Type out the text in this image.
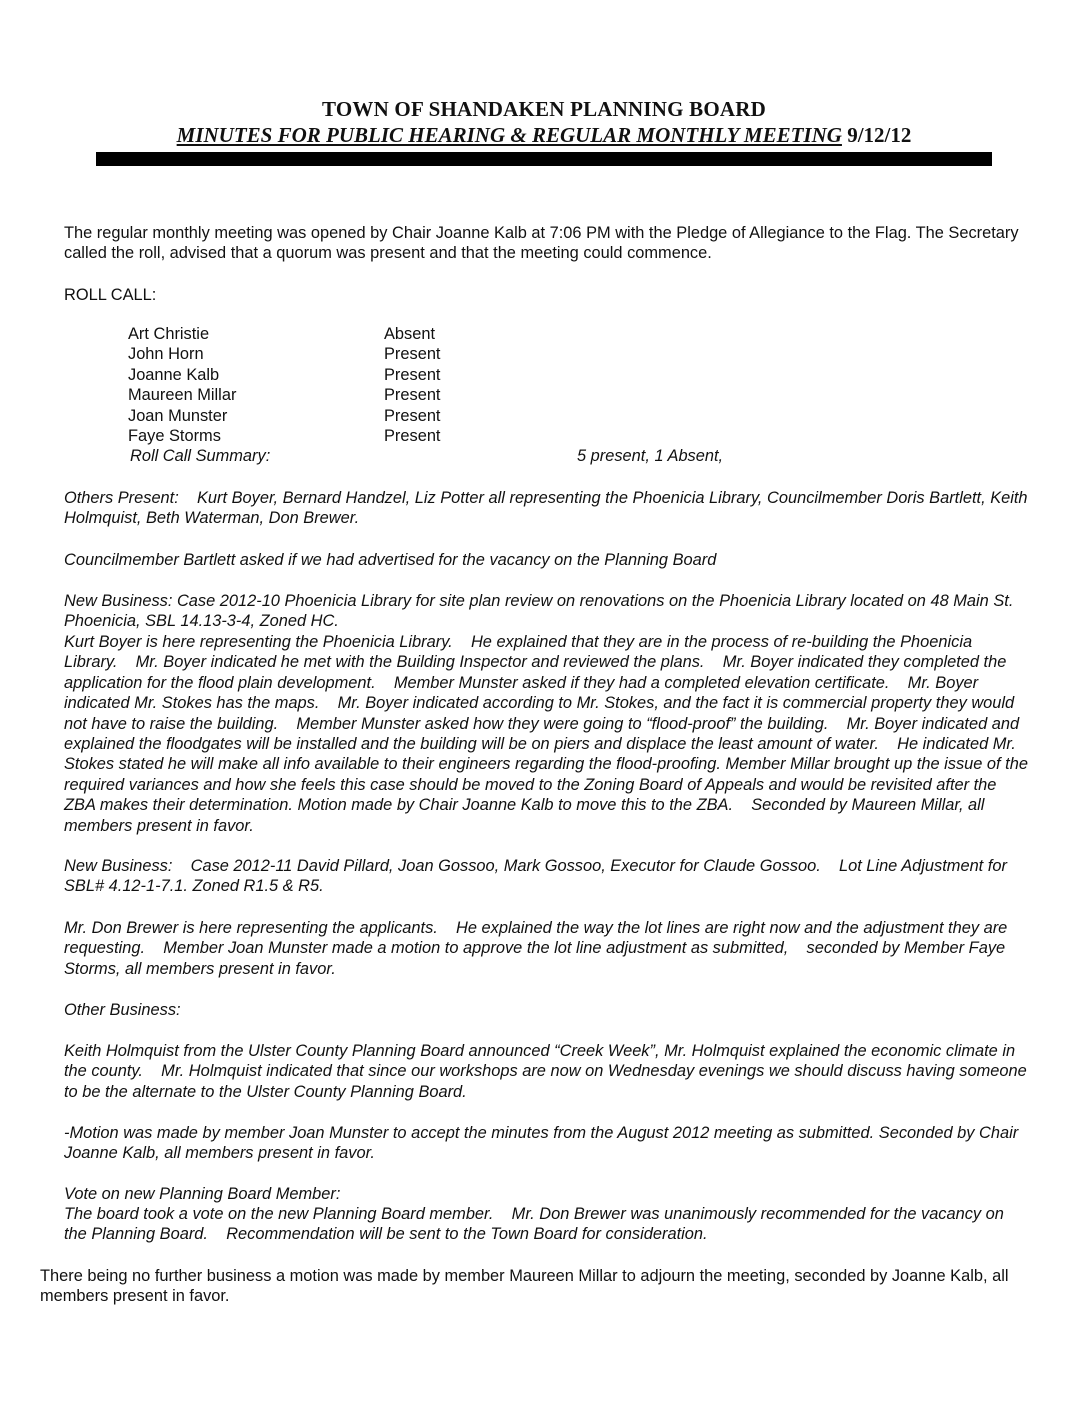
TOWN OF SHANDAKEN PLANNING BOARD
MINUTES FOR PUBLIC HEARING & REGULAR MONTHLY MEETING 9/12/12

The regular monthly meeting was opened by Chair Joanne Kalb at 7:06 PM with the Pledge of Allegiance to the Flag. The Secretary called the roll, advised that a quorum was present and that the meeting could commence.

ROLL CALL:

Art Christie	Absent
John Horn	Present
Joanne Kalb	Present
Maureen Millar	Present
Joan Munster	Present
Faye Storms	Present
Roll Call Summary:	5 present, 1 Absent,

Others Present:    Kurt Boyer, Bernard Handzel, Liz Potter all representing the Phoenicia Library, Councilmember Doris Bartlett, Keith Holmquist, Beth Waterman, Don Brewer.

Councilmember Bartlett asked if we had advertised for the vacancy on the Planning Board

New Business: Case 2012-10 Phoenicia Library for site plan review on renovations on the Phoenicia Library located on 48 Main St. Phoenicia, SBL 14.13-3-4, Zoned HC.

Kurt Boyer is here representing the Phoenicia Library.    He explained that they are in the process of re-building the Phoenicia Library.    Mr. Boyer indicated he met with the Building Inspector and reviewed the plans.    Mr. Boyer indicated they completed the application for the flood plain development.    Member Munster asked if they had a completed elevation certificate.    Mr. Boyer indicated Mr. Stokes has the maps.    Mr. Boyer indicated according to Mr. Stokes, and the fact it is commercial property they would not have to raise the building.    Member Munster asked how they were going to “flood-proof” the building.    Mr. Boyer indicated and explained the floodgates will be installed and the building will be on piers and displace the least amount of water.    He indicated Mr. Stokes stated he will make all info available to their engineers regarding the flood-proofing. Member Millar brought up the issue of the required variances and how she feels this case should be moved to the Zoning Board of Appeals and would be revisited after the ZBA makes their determination. Motion made by Chair Joanne Kalb to move this to the ZBA.    Seconded by Maureen Millar, all members present in favor.

New Business:    Case 2012-11 David Pillard, Joan Gossoo, Mark Gossoo, Executor for Claude Gossoo.    Lot Line Adjustment for SBL# 4.12-1-7.1. Zoned R1.5 & R5.

Mr. Don Brewer is here representing the applicants.    He explained the way the lot lines are right now and the adjustment they are requesting.    Member Joan Munster made a motion to approve the lot line adjustment as submitted,    seconded by Member Faye Storms, all members present in favor.

Other Business:

Keith Holmquist from the Ulster County Planning Board announced “Creek Week”, Mr. Holmquist explained the economic climate in the county.    Mr. Holmquist indicated that since our workshops are now on Wednesday evenings we should discuss having someone to be the alternate to the Ulster County Planning Board.

-Motion was made by member Joan Munster to accept the minutes from the August 2012 meeting as submitted. Seconded by Chair Joanne Kalb, all members present in favor.

Vote on new Planning Board Member:

The board took a vote on the new Planning Board member.    Mr. Don Brewer was unanimously recommended for the vacancy on the Planning Board.    Recommendation will be sent to the Town Board for consideration.

There being no further business a motion was made by member Maureen Millar to adjourn the meeting, seconded by Joanne Kalb, all members present in favor.
